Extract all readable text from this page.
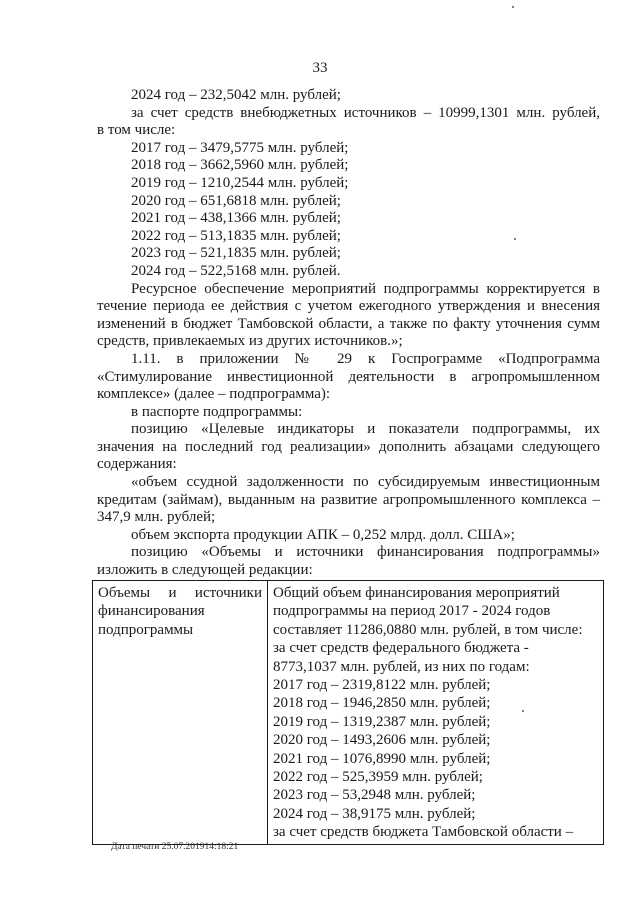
33
2024 год – 232,5042 млн. рублей;
за счет средств внебюджетных источников – 10999,1301 млн. рублей,
в том числе:
2017 год – 3479,5775 млн. рублей;
2018 год – 3662,5960 млн. рублей;
2019 год – 1210,2544 млн. рублей;
2020 год – 651,6818 млн. рублей;
2021 год – 438,1366 млн. рублей;
2022 год – 513,1835 млн. рублей;
2023 год – 521,1835 млн. рублей;
2024 год – 522,5168 млн. рублей.
Ресурсное обеспечение мероприятий подпрограммы корректируется в
течение периода ее действия с учетом ежегодного утверждения и внесения
изменений в бюджет Тамбовской области, а также по факту уточнения сумм
средств, привлекаемых из других источников.»;
1.11. в приложении № 29 к Госпрограмме «Подпрограмма
«Стимулирование инвестиционной деятельности в агропромышленном
комплексе» (далее – подпрограмма):
в паспорте подпрограммы:
позицию «Целевые индикаторы и показатели подпрограммы, их
значения на последний год реализации» дополнить абзацами следующего
содержания:
«объем ссудной задолженности по субсидируемым инвестиционным
кредитам (займам), выданным на развитие агропромышленного комплекса –
347,9 млн. рублей;
объем экспорта продукции АПК – 0,252 млрд. долл. США»;
позицию «Объемы и источники финансирования подпрограммы»
изложить в следующей редакции:
Объемы и источники
финансирования
подпрограммы

Общий объем финансирования мероприятий
подпрограммы на период 2017 - 2024 годов
составляет 11286,0880 млн. рублей, в том числе:
за счет средств федерального бюджета -
8773,1037 млн. рублей, из них по годам:
2017 год – 2319,8122 млн. рублей;
2018 год – 1946,2850 млн. рублей;
2019 год – 1319,2387 млн. рублей;
2020 год – 1493,2606 млн. рублей;
2021 год – 1076,8990 млн. рублей;
2022 год – 525,3959 млн. рублей;
2023 год – 53,2948 млн. рублей;
2024 год – 38,9175 млн. рублей;
за счет средств бюджета Тамбовской области –
Дата печати 25.07.201914:18:21
